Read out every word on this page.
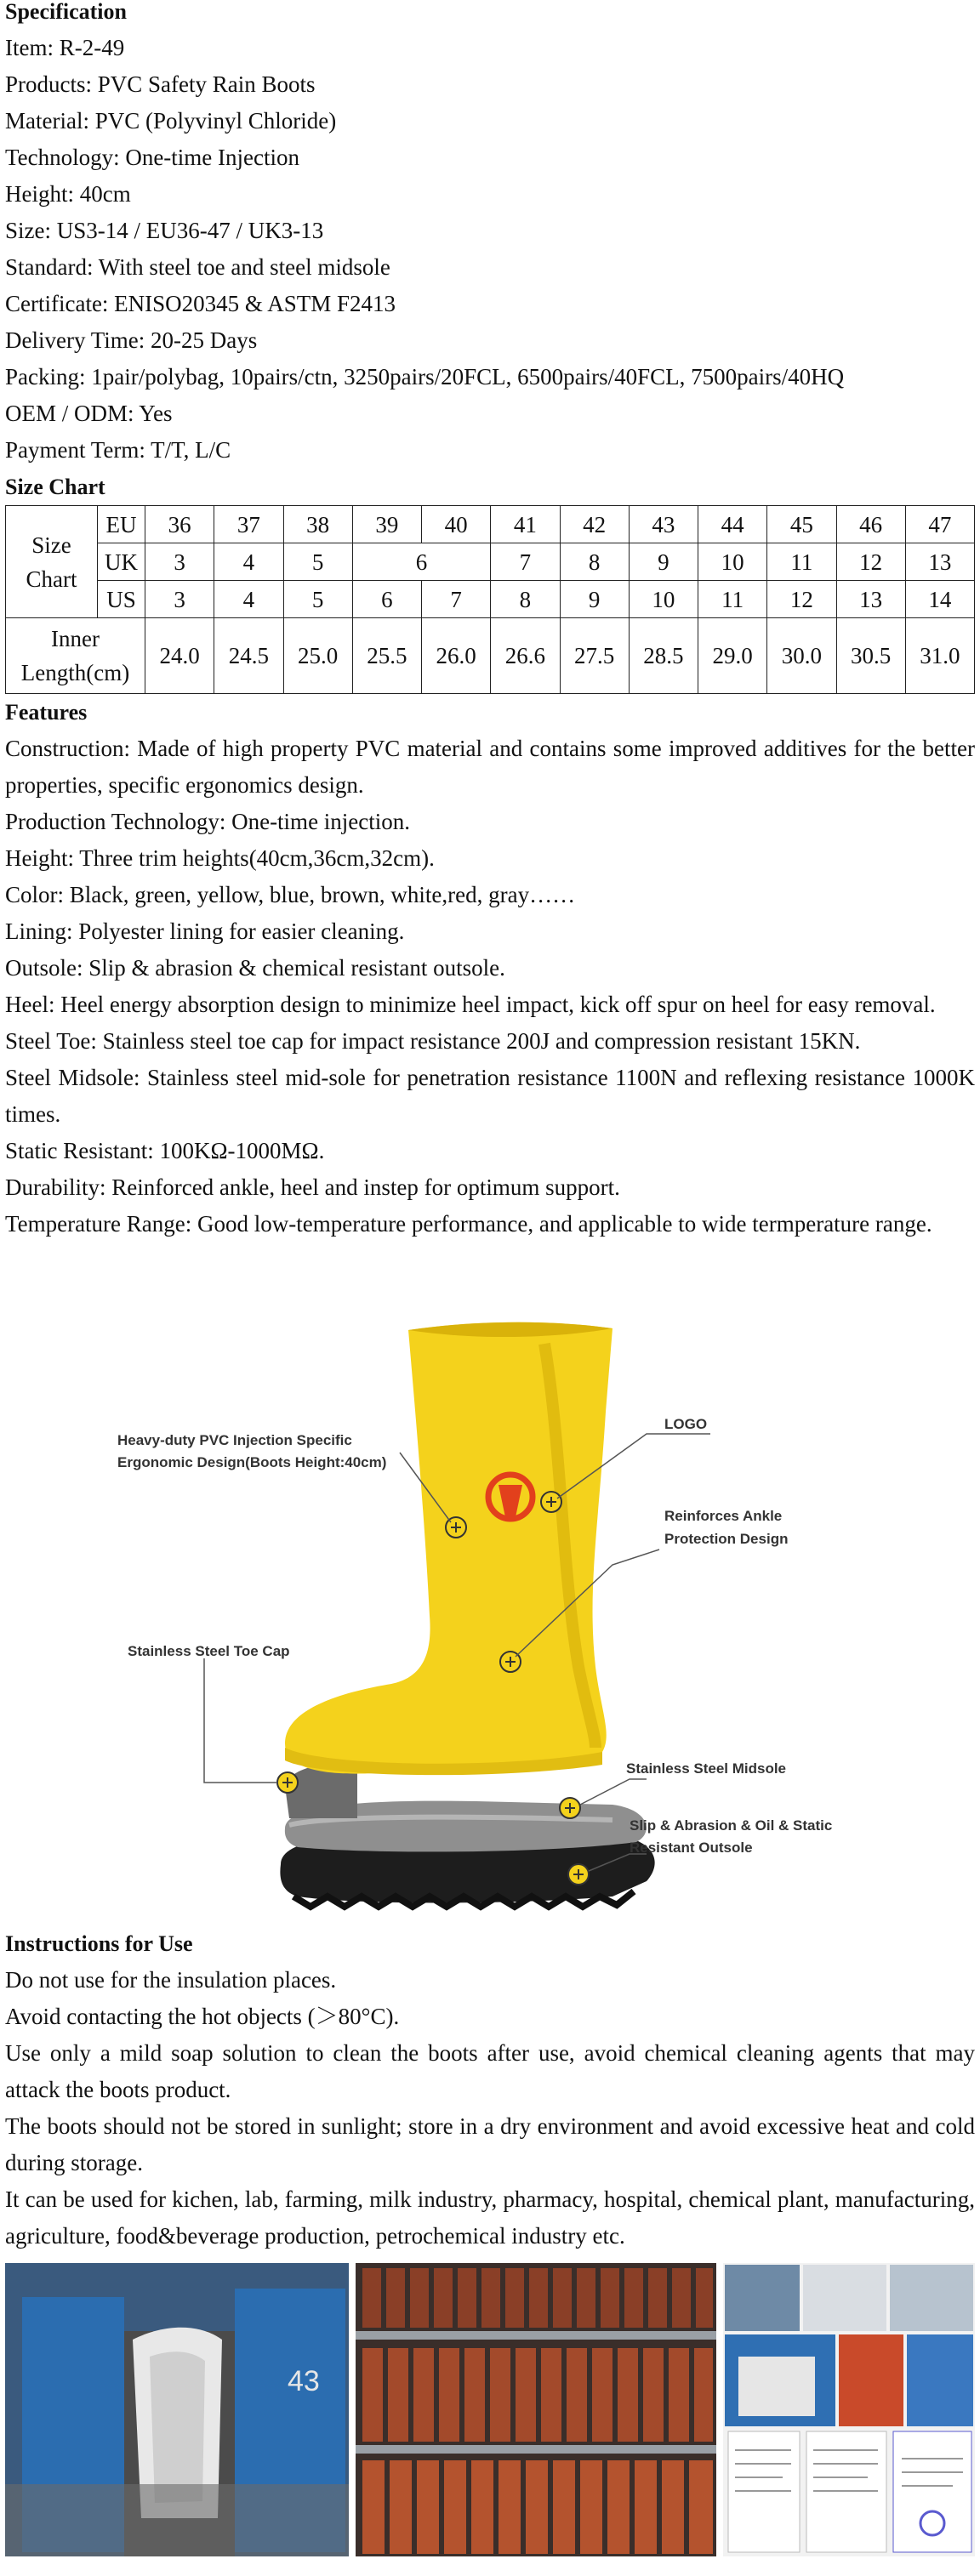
Specification

Item: R-2-49

Products: PVC Safety Rain Boots

Material: PVC (Polyvinyl Chloride)

Technology: One-time Injection

Height: 40cm

Size: US3-14 / EU36-47 / UK3-13

Standard: With steel toe and steel midsole

Certificate: ENISO20345 & ASTM F2413

Delivery Time: 20-25 Days

Packing: 1pair/polybag, 10pairs/ctn, 3250pairs/20FCL, 6500pairs/40FCL, 7500pairs/40HQ

OEM / ODM: Yes

Payment Term: T/T, L/C

Size Chart

Size Chart	EU	36	37	38	39	40	41	42	43	44	45	46	47
	UK	3	4	5	6		7	8	9	10	11	12	13
	US	3	4	5	6	7	8	9	10	11	12	13	14
Inner Length(cm)		24.0	24.5	25.0	25.5	26.0	26.6	27.5	28.5	29.0	30.0	30.5	31.0

Features

Construction: Made of high property PVC material and contains some improved additives for the better properties, specific ergonomics design.

Production Technology: One-time injection.

Height: Three trim heights(40cm,36cm,32cm).

Color: Black, green, yellow, blue, brown, white,red, gray……

Lining: Polyester lining for easier cleaning.

Outsole: Slip & abrasion & chemical resistant outsole.

Heel: Heel energy absorption design to minimize heel impact, kick off spur on heel for easy removal.

Steel Toe: Stainless steel toe cap for impact resistance 200J and compression resistant 15KN.

Steel Midsole: Stainless steel mid-sole for penetration resistance 1100N and reflexing resistance 1000K times.

Static Resistant: 100KΩ-1000MΩ.

Durability: Reinforced ankle, heel and instep for optimum support.

Temperature Range: Good low-temperature performance, and applicable to wide termperature range.

Heavy-duty PVC Injection Specific
Ergonomic Design(Boots Height:40cm)
LOGO
Reinforces Ankle
Protection Design
Stainless Steel Toe Cap
Stainless Steel Midsole
Slip & Abrasion & Oil & Static
Resistant Outsole

Instructions for Use

Do not use for the insulation places.

Avoid contacting the hot objects (＞80°C).

Use only a mild soap solution to clean the boots after use, avoid chemical cleaning agents that may attack the boots product.

The boots should not be stored in sunlight; store in a dry environment and avoid excessive heat and cold during storage.

It can be used for kichen, lab, farming, milk industry, pharmacy, hospital, chemical plant, manufacturing, agriculture, food&beverage production, petrochemical industry etc.

43
